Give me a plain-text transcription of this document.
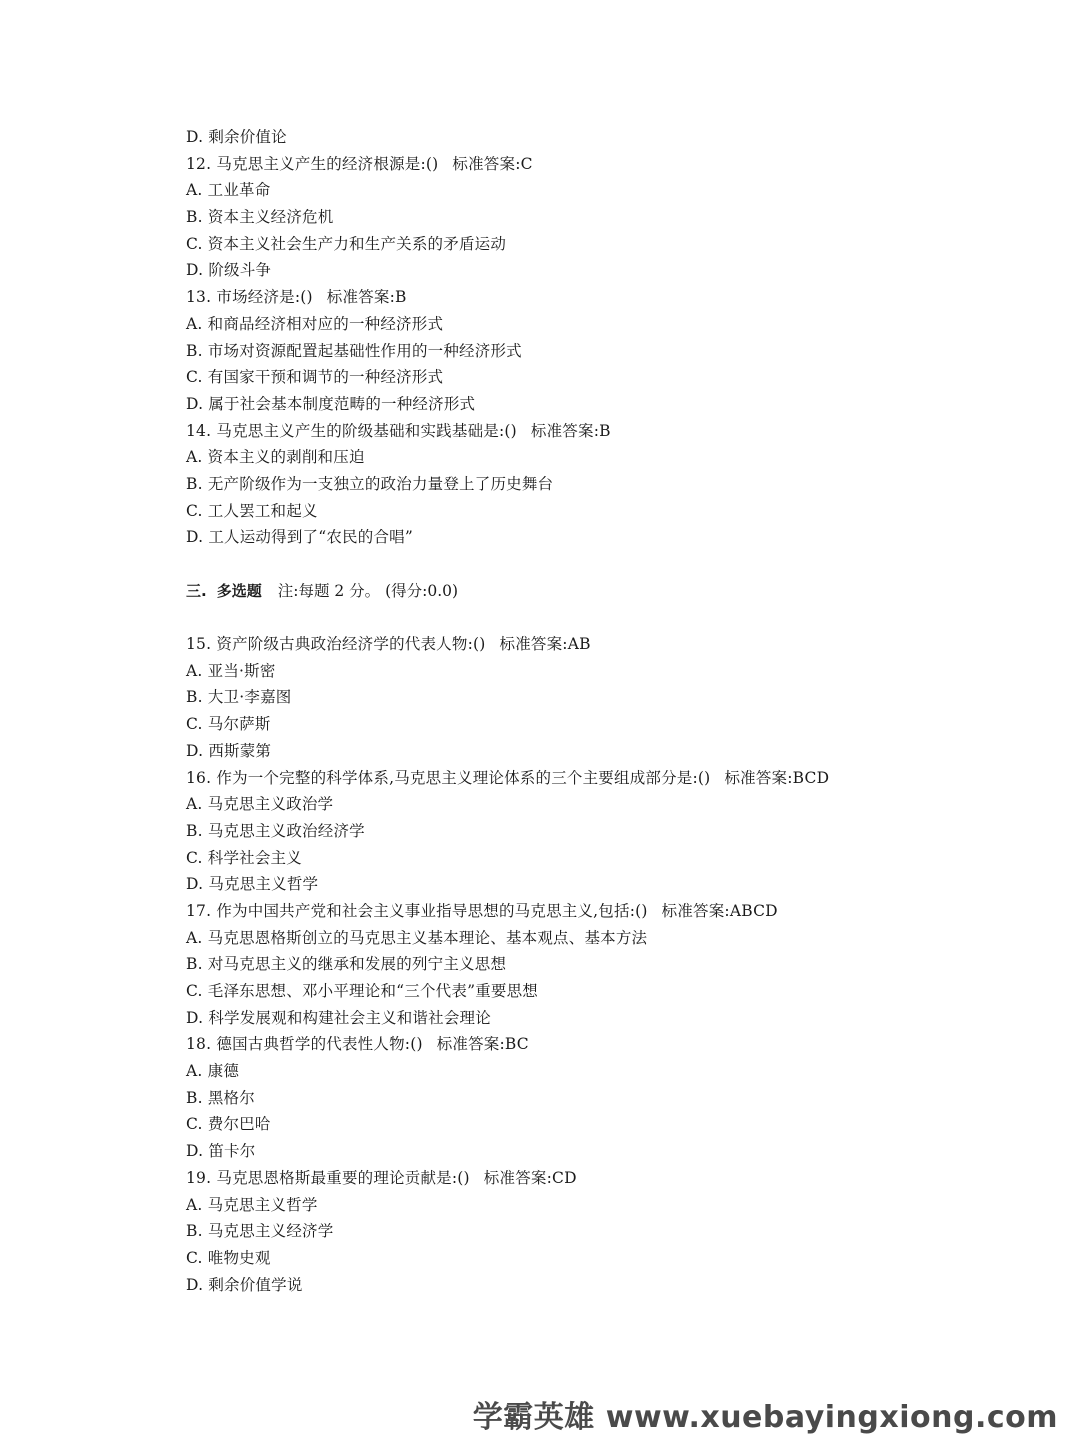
D. 剩余价值论
12. 马克思主义产生的经济根源是:() 标准答案:C
A. 工业革命
B. 资本主义经济危机
C. 资本主义社会生产力和生产关系的矛盾运动
D. 阶级斗争
13. 市场经济是:() 标准答案:B
A. 和商品经济相对应的一种经济形式
B. 市场对资源配置起基础性作用的一种经济形式
C. 有国家干预和调节的一种经济形式
D. 属于社会基本制度范畴的一种经济形式
14. 马克思主义产生的阶级基础和实践基础是:() 标准答案:B
A. 资本主义的剥削和压迫
B. 无产阶级作为一支独立的政治力量登上了历史舞台
C. 工人罢工和起义
D. 工人运动得到了“农民的合唱”
三. 多选题 注:每题 2 分。 (得分:0.0)
15. 资产阶级古典政治经济学的代表人物:() 标准答案:AB
A. 亚当·斯密
B. 大卫·李嘉图
C. 马尔萨斯
D. 西斯蒙第
16. 作为一个完整的科学体系,马克思主义理论体系的三个主要组成部分是:() 标准答案:BCD
A. 马克思主义政治学
B. 马克思主义政治经济学
C. 科学社会主义
D. 马克思主义哲学
17. 作为中国共产党和社会主义事业指导思想的马克思主义,包括:() 标准答案:ABCD
A. 马克思恩格斯创立的马克思主义基本理论、基本观点、基本方法
B. 对马克思主义的继承和发展的列宁主义思想
C. 毛泽东思想、邓小平理论和“三个代表”重要思想
D. 科学发展观和构建社会主义和谐社会理论
18. 德国古典哲学的代表性人物:() 标准答案:BC
A. 康德
B. 黑格尔
C. 费尔巴哈
D. 笛卡尔
19. 马克思恩格斯最重要的理论贡献是:() 标准答案:CD
A. 马克思主义哲学
B. 马克思主义经济学
C. 唯物史观
D. 剩余价值学说
学霸英雄 www.xuebayingxiong.com
